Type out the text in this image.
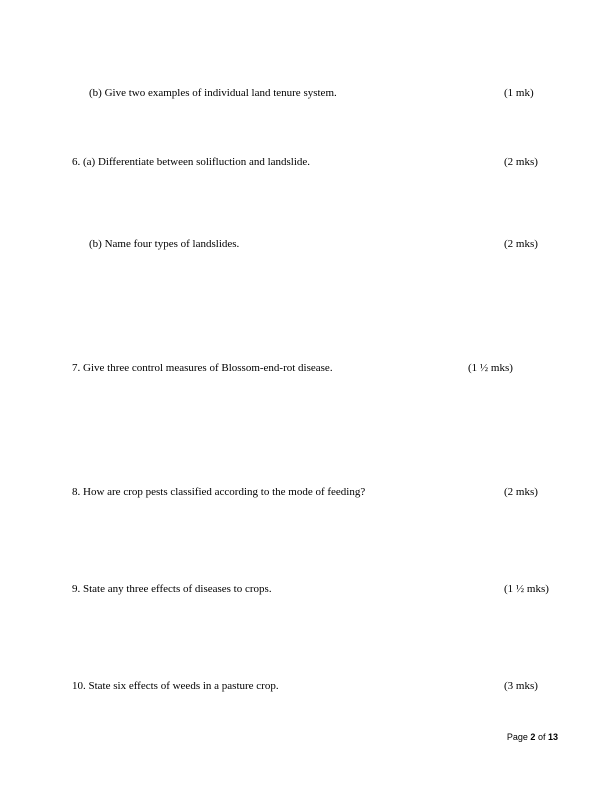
(b) Give two examples of individual land tenure system.	(1 mk)
6. (a) Differentiate between solifluction and landslide.	(2 mks)
(b) Name four types of landslides.	(2 mks)
7. Give three control measures of Blossom-end-rot disease.	(1 ½ mks)
8. How are crop pests classified according to the mode of feeding?	(2 mks)
9. State any three effects of diseases to crops.	(1 ½ mks)
10. State six effects of weeds in a pasture crop.	(3 mks)
Page 2 of 13
